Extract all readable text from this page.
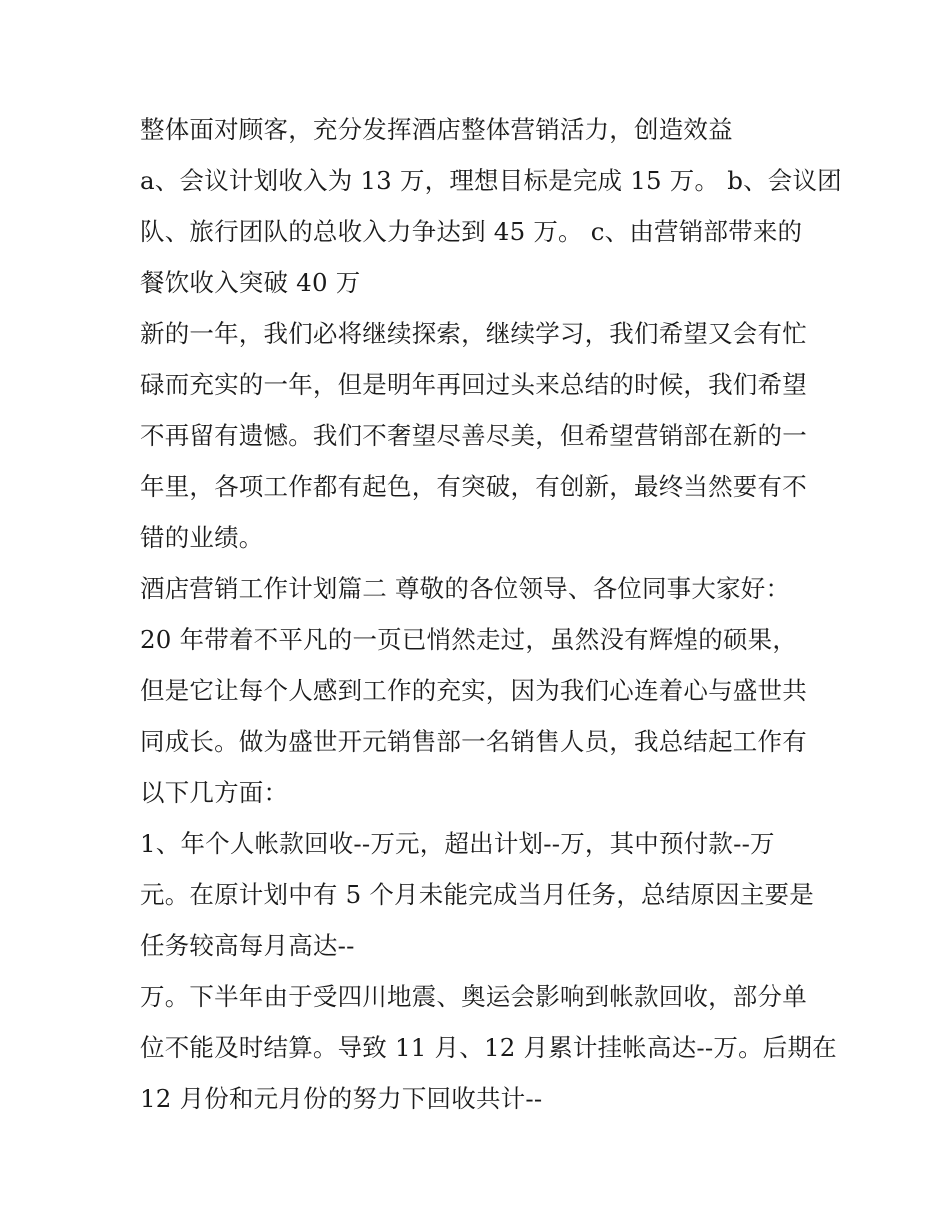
整体面对顾客，充分发挥酒店整体营销活力，创造效益
a、会议计划收入为 13 万，理想目标是完成 15 万。 b、会议团
队、旅行团队的总收入力争达到 45 万。 c、由营销部带来的
餐饮收入突破 40 万
新的一年，我们必将继续探索，继续学习，我们希望又会有忙
碌而充实的一年，但是明年再回过头来总结的时候，我们希望
不再留有遗憾。我们不奢望尽善尽美，但希望营销部在新的一
年里，各项工作都有起色，有突破，有创新，最终当然要有不
错的业绩。
酒店营销工作计划篇二 尊敬的各位领导、各位同事大家好：
20 年带着不平凡的一页已悄然走过，虽然没有辉煌的硕果，
但是它让每个人感到工作的充实，因为我们心连着心与盛世共
同成长。做为盛世开元销售部一名销售人员，我总结起工作有
以下几方面：
1、年个人帐款回收--万元，超出计划--万，其中预付款--万
元。在原计划中有 5 个月未能完成当月任务，总结原因主要是
任务较高每月高达--
万。下半年由于受四川地震、奥运会影响到帐款回收，部分单
位不能及时结算。导致 11 月、12 月累计挂帐高达--万。后期在
12 月份和元月份的努力下回收共计--
